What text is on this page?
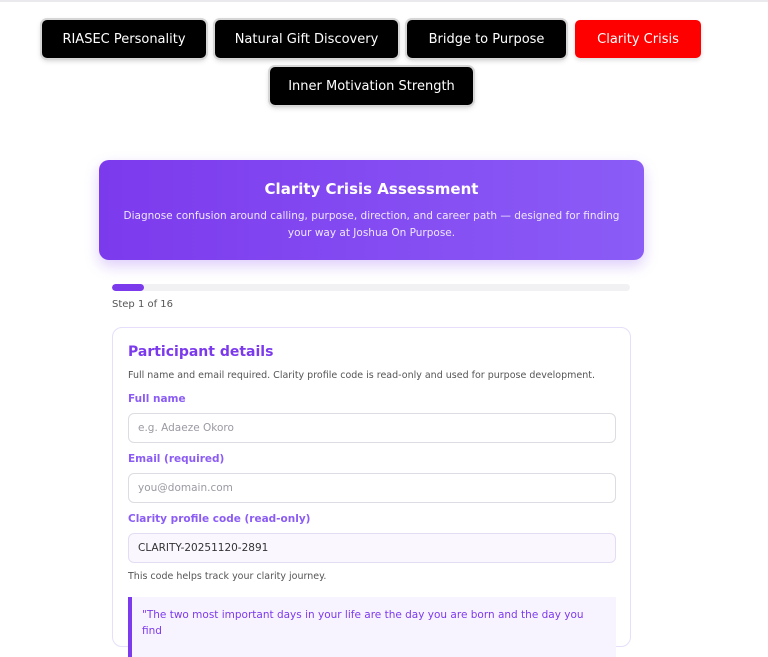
RIASEC Personality	Natural Gift Discovery	Bridge to Purpose	Clarity Crisis
Inner Motivation Strength
Clarity Crisis Assessment
Diagnose confusion around calling, purpose, direction, and career path — designed for finding your way at Joshua On Purpose.
Step 1 of 16
Participant details
Full name and email required. Clarity profile code is read-only and used for purpose development.
Full name
e.g. Adaeze Okoro
Email (required)
you@domain.com
Clarity profile code (read-only)
CLARITY-20251120-2891
This code helps track your clarity journey.
"The two most important days in your life are the day you are born and the day you find
